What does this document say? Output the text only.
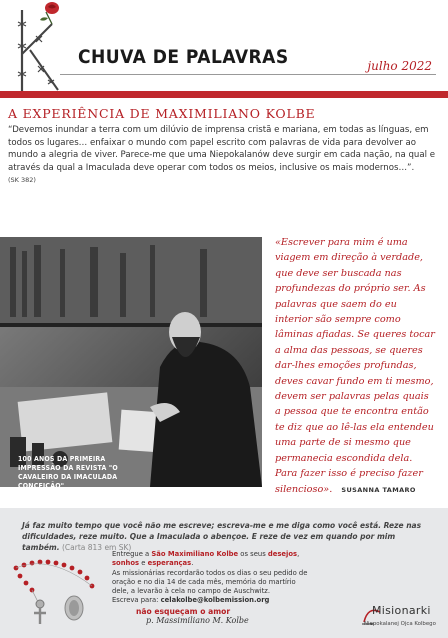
CHUVA DE PALAVRAS	julho 2022
A EXPERIÊNCIA DE MAXIMILIANO KOLBE
“Devemos inundar a terra com um dilúvio de imprensa cristã e mariana, em todas as línguas, em todos os lugares… enfaixar o mundo com papel escrito com palavras de vida para devolver ao mundo a alegria de viver. Parece-me que uma Niepokalanów deve surgir em cada nação, na qual e através da qual a Imaculada deve operar com todos os meios, inclusive os mais modernos…”.
(SK 382)
100 ANOS DA PRIMEIRA IMPRESSÃO DA REVISTA "O CAVALEIRO DA IMACULADA CONCEIÇÃO"
«Escrever para mim é uma viagem em direção à verdade, que deve ser buscada nas profundezas do próprio ser. As palavras que saem do eu interior são sempre como lâminas afiadas. Se queres tocar a alma das pessoas, se queres dar-lhes emoções profundas, deves cavar fundo em ti mesmo, devem ser palavras pelas quais a pessoa que te encontra então te diz que ao lê-las ela entendeu uma parte de si mesmo que permanecia escondida dela. Para fazer isso é preciso fazer silencioso». SUSANNA TAMARO
Já faz muito tempo que você não me escreve; escreva-me e me diga como você está. Reze nas dificuldades, reze muito. Que a Imaculada o abençoe. E reze de vez em quando por mim também. (Carta 813 em SK)
Entregue a São Maximiliano Kolbe os seus desejos, sonhos e esperanças.
As missionárias recordarão todos os dias o seu pedido de oração e no dia 14 de cada mês, memória do martírio dele, a levarão à cela no campo de Auschwitz.
Escreva para: celakolbe@kolbemission.org
não esqueçam o amor
p. Massimiliano M. Kolbe
Misionarki
Niepokalanej Ojca Kolbego
